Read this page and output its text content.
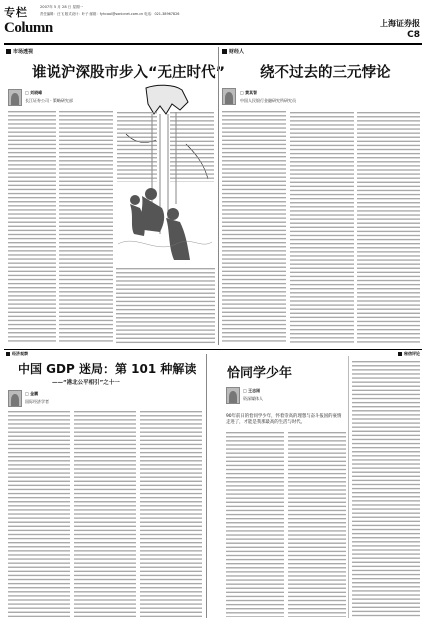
专栏
Column
2007年 5 月 28 日 星期一
责任编辑：汪飞 版式设计：叶子 邮箱：fyhcool@sonicnet.com.cn 电话：021-38967826
上海证券报
C8
市场透视
谁说沪深股市步入“无庄时代”
□ 刘晓峰
长江证券公司 · 策略研究部
财经人
绕不过去的三元悖论
□ 黄其智
中国人民银行金融研究所研究员
经济观察	秘信评论
中国 GDP 迷局：第 101 种解读
——“港北公平相引”之十一
□ 金鹏
国际经济学者
恰同学少年
□ 王志刚
资深媒体人
90年前日的恰同学少年，怀着崇高的理想与奋斗报国的豪情走进了，才能是我那最高的生活与时代。
